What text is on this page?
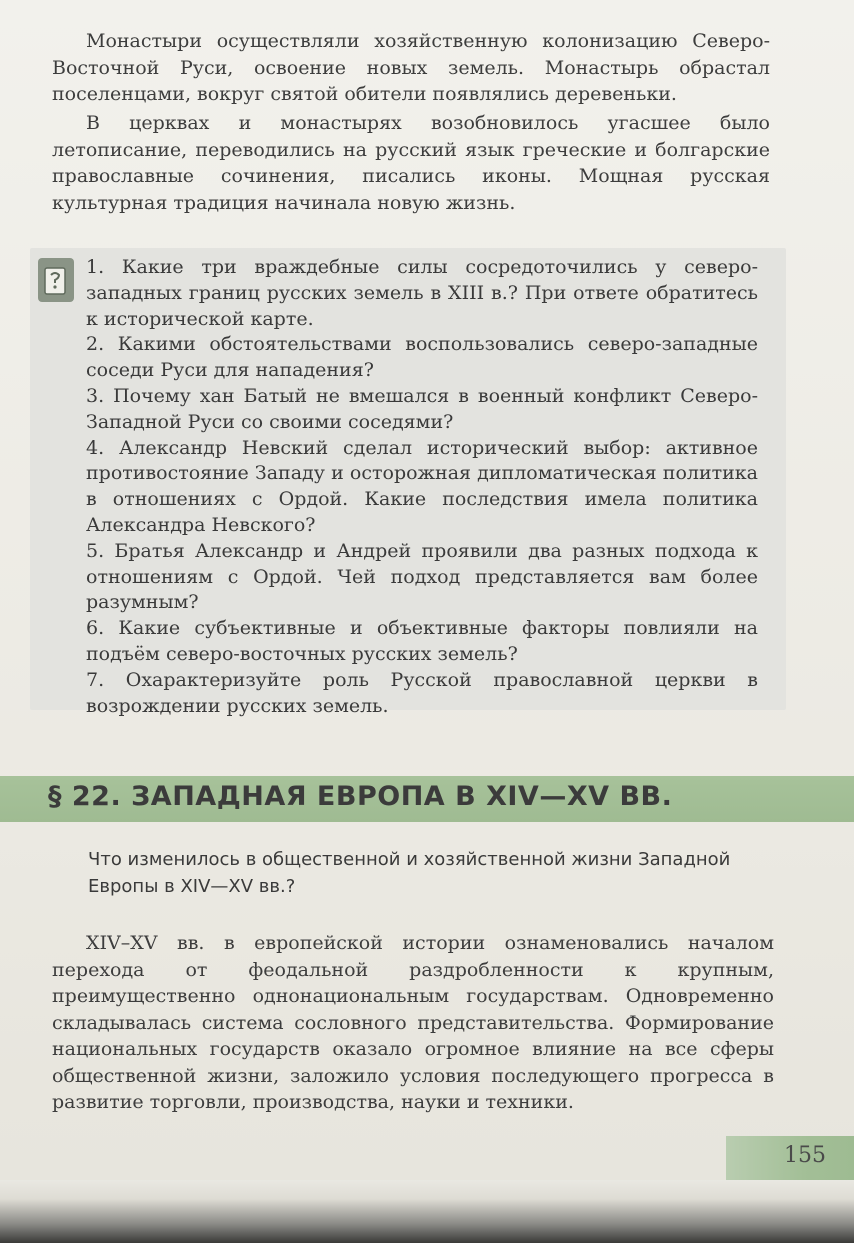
Монастыри осуществляли хозяйственную колонизацию Северо-Восточной Руси, освоение новых земель. Монастырь обрастал поселенцами, вокруг святой обители появлялись деревеньки.

В церквах и монастырях возобновилось угасшее было летописание, переводились на русский язык греческие и болгарские православные сочинения, писались иконы. Мощная русская культурная традиция начинала новую жизнь.

1. Какие три враждебные силы сосредоточились у северо-западных границ русских земель в XIII в.? При ответе обратитесь к исторической карте.
2. Какими обстоятельствами воспользовались северо-западные соседи Руси для нападения?
3. Почему хан Батый не вмешался в военный конфликт Северо-Западной Руси со своими соседями?
4. Александр Невский сделал исторический выбор: активное противостояние Западу и осторожная дипломатическая политика в отношениях с Ордой. Какие последствия имела политика Александра Невского?
5. Братья Александр и Андрей проявили два разных подхода к отношениям с Ордой. Чей подход представляется вам более разумным?
6. Какие субъективные и объективные факторы повлияли на подъём северо-восточных русских земель?
7. Охарактеризуйте роль Русской православной церкви в возрождении русских земель.
§ 22. ЗАПАДНАЯ ЕВРОПА В XIV—XV ВВ.

Что изменилось в общественной и хозяйственной жизни Западной Европы в XIV—XV вв.?

XIV–XV вв. в европейской истории ознаменовались началом перехода от феодальной раздробленности к крупным, преимущественно однонациональным государствам. Одновременно складывалась система сословного представительства. Формирование национальных государств оказало огромное влияние на все сферы общественной жизни, заложило условия последующего прогресса в развитие торговли, производства, науки и техники.

155
